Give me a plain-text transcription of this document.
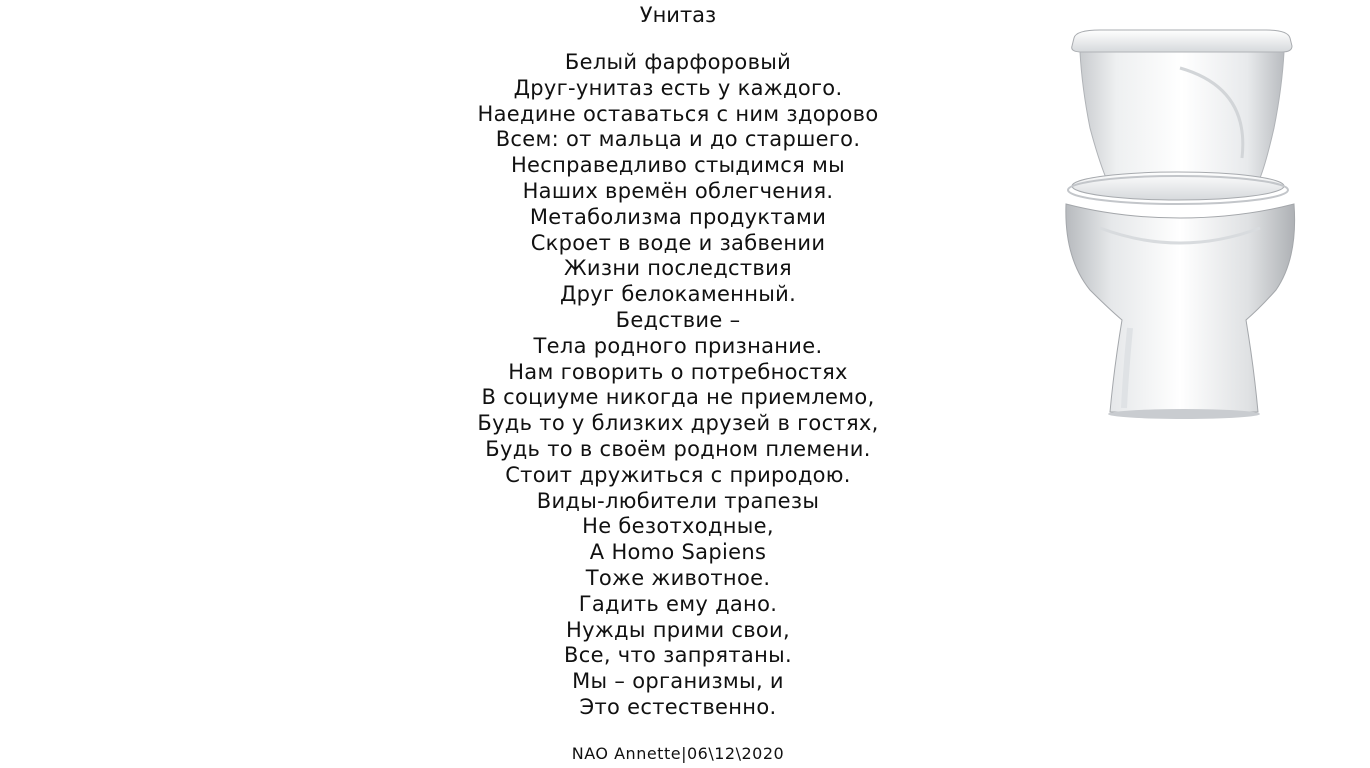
Унитаз
Белый фарфоровый
Друг-унитаз есть у каждого.
Наедине оставаться с ним здорово
Всем: от мальца и до старшего.
Несправедливо стыдимся мы
Наших времён облегчения.
Метаболизма продуктами
Скроет в воде и забвении
Жизни последствия
Друг белокаменный.
Бедствие –
Тела родного признание.
Нам говорить о потребностях
В социуме никогда не приемлемо,
Будь то у близких друзей в гостях,
Будь то в своём родном племени.
Стоит дружиться с природою.
Виды-любители трапезы
Не безотходные,
А Homo Sapiens
Тоже животное.
Гадить ему дано.
Нужды прими свои,
Все, что запрятаны.
Мы – организмы, и
Это естественно.
NAO Annette|06\12\2020
